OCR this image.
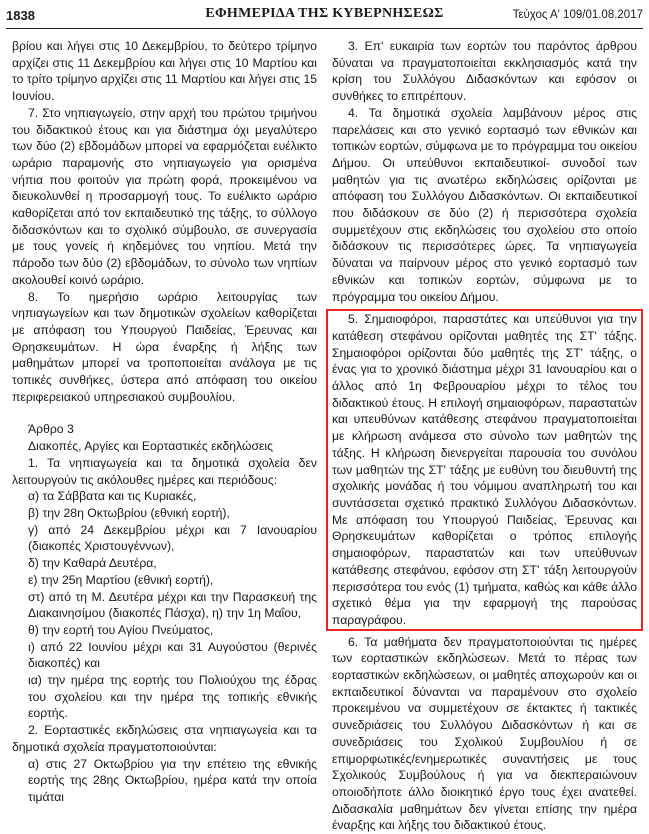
1838	ΕΦΗΜΕΡΙΔΑ ΤΗΣ ΚΥΒΕΡΝΗΣΕΩΣ	Τεύχος Α' 109/01.08.2017

βρίου και λήγει στις 10 Δεκεμβρίου, το δεύτερο τρίμηνο αρχίζει στις 11 Δεκεμβρίου και λήγει στις 10 Μαρτίου και το τρίτο τρίμηνο αρχίζει στις 11 Μαρτίου και λήγει στις 15 Ιουνίου.

7. Στο νηπιαγωγείο, στην αρχή του πρώτου τριμήνου του διδακτικού έτους και για διάστημα όχι μεγαλύτερο των δύο (2) εβδομάδων μπορεί να εφαρμόζεται ευέλικτο ωράριο παραμονής στο νηπιαγωγείο για ορισμένα νήπια που φοιτούν για πρώτη φορά, προκειμένου να διευκολυνθεί η προσαρμογή τους. Το ευέλικτο ωράριο καθορίζεται από τον εκπαιδευτικό της τάξης, το σύλλογο διδασκόντων και το σχολικό σύμβουλο, σε συνεργασία με τους γονείς ή κηδεμόνες του νηπίου. Μετά την πάροδο των δύο (2) εβδομάδων, το σύνολο των νηπίων ακολουθεί κοινό ωράριο.

8. Το ημερήσιο ωράριο λειτουργίας των νηπιαγωγείων και των δημοτικών σχολείων καθορίζεται με απόφαση του Υπουργού Παιδείας, Έρευνας και Θρησκευμάτων. Η ώρα έναρξης ή λήξης των μαθημάτων μπορεί να τροποποιείται ανάλογα με τις τοπικές συνθήκες, ύστερα από απόφαση του οικείου περιφερειακού υπηρεσιακού συμβουλίου.

Άρθρο 3

Διακοπές, Αργίες και Εορταστικές εκδηλώσεις

1. Τα νηπιαγωγεία και τα δημοτικά σχολεία δεν λειτουργούν τις ακόλουθες ημέρες και περιόδους:

α) τα Σάββατα και τις Κυριακές,

β) την 28η Οκτωβρίου (εθνική εορτή),

γ) από 24 Δεκεμβρίου μέχρι και 7 Ιανουαρίου (διακοπές Χριστουγέννων),

δ) την Καθαρά Δευτέρα,

ε) την 25η Μαρτίου (εθνική εορτή),

στ) από τη Μ. Δευτέρα μέχρι και την Παρασκευή της Διακαινησίμου (διακοπές Πάσχα), η) την 1η Μαΐου,

θ) την εορτή του Αγίου Πνεύματος,

ι) από 22 Ιουνίου μέχρι και 31 Αυγούστου (θερινές διακοπές) και

ια) την ημέρα της εορτής του Πολιούχου της έδρας του σχολείου και την ημέρα της τοπικής εθνικής εορτής.

2. Εορταστικές εκδηλώσεις στα νηπιαγωγεία και τα δημοτικά σχολεία πραγματοποιούνται:

α) στις 27 Οκτωβρίου για την επέτειο της εθνικής εορτής της 28ης Οκτωβρίου, ημέρα κατά την οποία τιμάται

3. Επ' ευκαιρία των εορτών του παρόντος άρθρου δύναται να πραγματοποιείται εκκλησιασμός κατά την κρίση του Συλλόγου Διδασκόντων και εφόσον οι συνθήκες το επιτρέπουν.

4. Τα δημοτικά σχολεία λαμβάνουν μέρος στις παρελάσεις και στο γενικό εορτασμό των εθνικών και τοπικών εορτών, σύμφωνα με το πρόγραμμα του οικείου Δήμου. Οι υπεύθυνοι εκπαιδευτικοί- συνοδοί των μαθητών για τις ανωτέρω εκδηλώσεις ορίζονται με απόφαση του Συλλόγου Διδασκόντων. Οι εκπαιδευτικοί που διδάσκουν σε δύο (2) ή περισσότερα σχολεία συμμετέχουν στις εκδηλώσεις του σχολείου στο οποίο διδάσκουν τις περισσότερες ώρες. Τα νηπιαγωγεία δύναται να παίρνουν μέρος στο γενικό εορτασμό των εθνικών και τοπικών εορτών, σύμφωνα με το πρόγραμμα του οικείου Δήμου.

5. Σημαιοφόροι, παραστάτες και υπεύθυνοι για την κατάθεση στεφάνου ορίζονται μαθητές της ΣΤ' τάξης. Σημαιοφόροι ορίζονται δύο μαθητές της ΣΤ' τάξης, ο ένας για το χρονικό διάστημα μέχρι 31 Ιανουαρίου και ο άλλος από 1η Φεβρουαρίου μέχρι το τέλος του διδακτικού έτους. Η επιλογή σημαιοφόρων, παραστατών και υπευθύνων κατάθεσης στεφάνου πραγματοποιείται με κλήρωση ανάμεσα στο σύνολο των μαθητών της τάξης. Η κλήρωση διενεργείται παρουσία του συνόλου των μαθητών της ΣΤ' τάξης με ευθύνη του διευθυντή της σχολικής μονάδας ή του νόμιμου αναπληρωτή του και συντάσσεται σχετικό πρακτικό Συλλόγου Διδασκόντων. Με απόφαση του Υπουργού Παιδείας, Έρευνας και Θρησκευμάτων καθορίζεται ο τρόπος επιλογής σημαιοφόρων, παραστατών και των υπεύθυνων κατάθεσης στεφάνου, εφόσον στη ΣΤ' τάξη λειτουργούν περισσότερα του ενός (1) τμήματα, καθώς και κάθε άλλο σχετικό θέμα για την εφαρμογή της παρούσας παραγράφου.

6. Τα μαθήματα δεν πραγματοποιούνται τις ημέρες των εορταστικών εκδηλώσεων. Μετά το πέρας των εορταστικών εκδηλώσεων, οι μαθητές αποχωρούν και οι εκπαιδευτικοί δύνανται να παραμένουν στο σχολείο προκειμένου να συμμετέχουν σε έκτακτες ή τακτικές συνεδριάσεις του Συλλόγου Διδασκόντων ή και σε συνεδριάσεις του Σχολικού Συμβουλίου ή σε επιμορφωτικές/ενημερωτικές συναντήσεις με τους Σχολικούς Συμβούλους ή για να διεκπεραιώνουν οποιοδήποτε άλλο διοικητικό έργο τους έχει ανατεθεί. Διδασκαλία μαθημάτων δεν γίνεται επίσης την ημέρα έναρξης και λήξης του διδακτικού έτους.
